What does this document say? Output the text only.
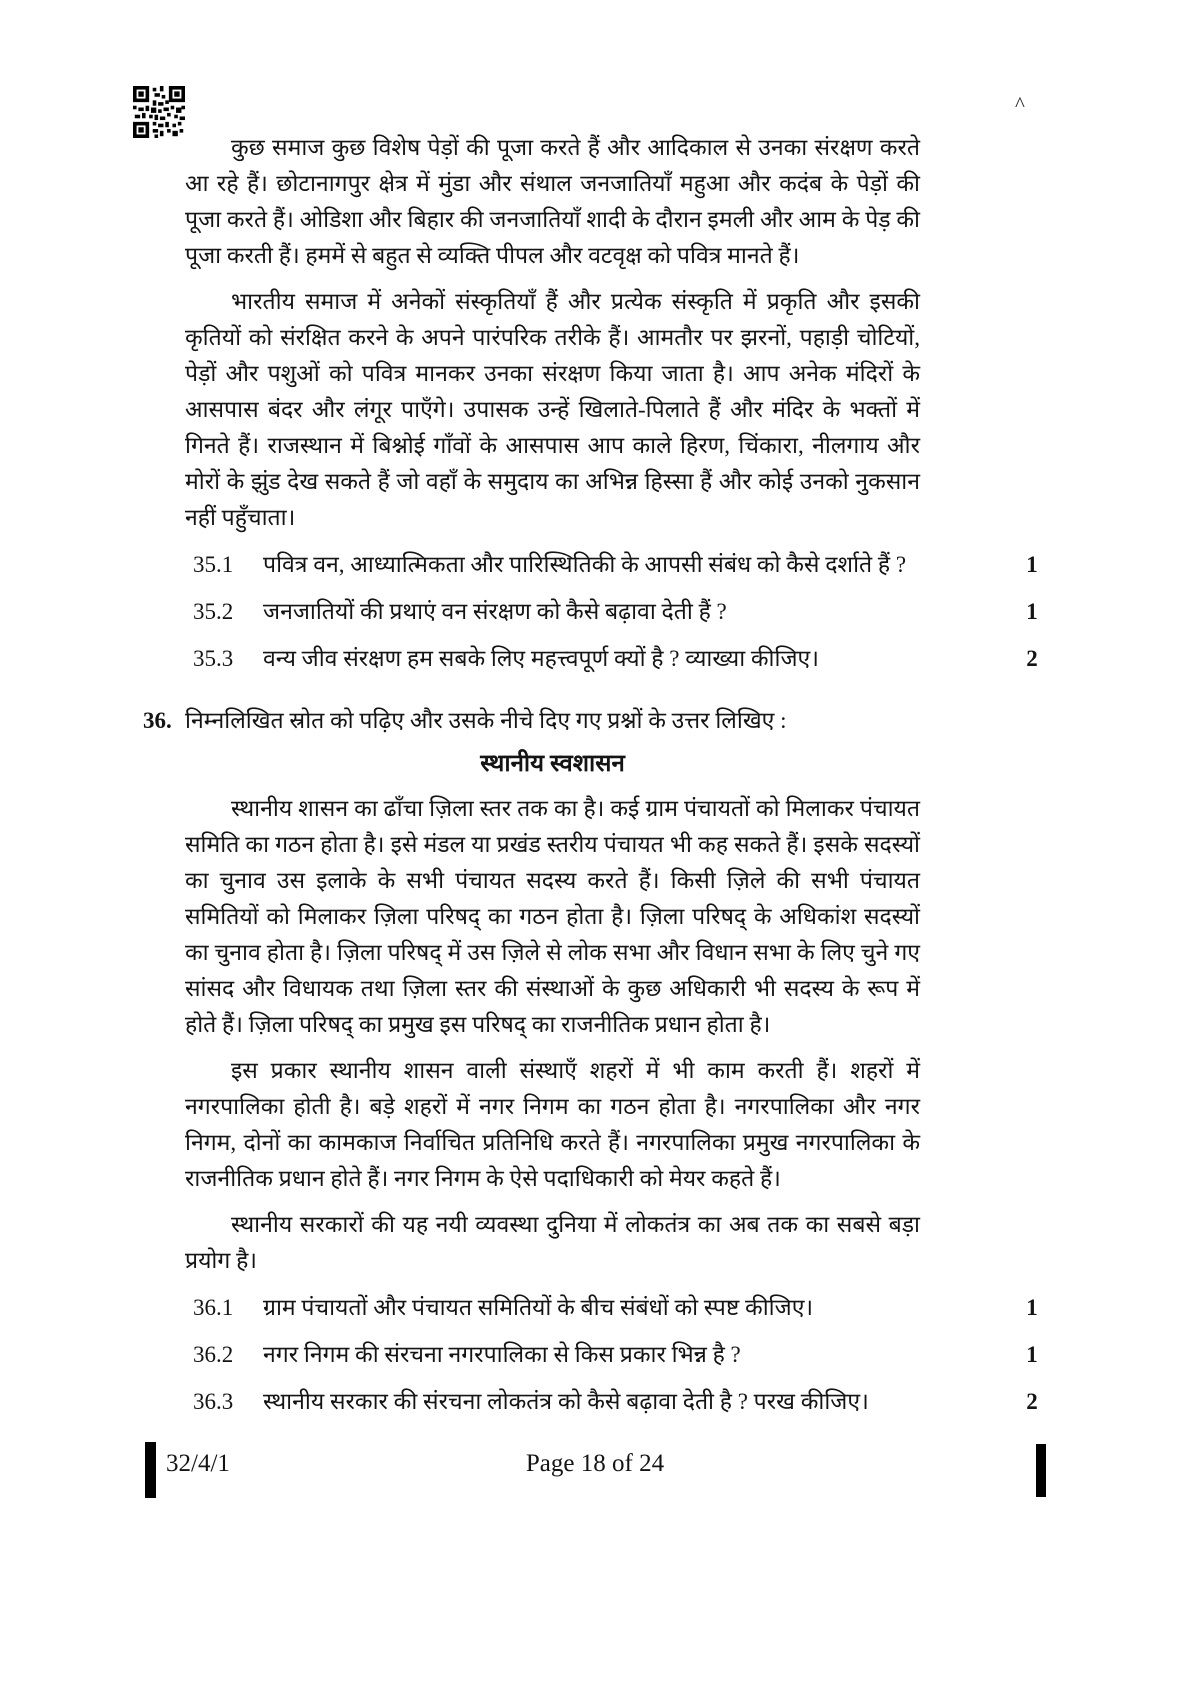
^

कुछ समाज कुछ विशेष पेड़ों की पूजा करते हैं और आदिकाल से उनका संरक्षण करते आ रहे हैं। छोटानागपुर क्षेत्र में मुंडा और संथाल जनजातियाँ महुआ और कदंब के पेड़ों की पूजा करते हैं। ओडिशा और बिहार की जनजातियाँ शादी के दौरान इमली और आम के पेड़ की पूजा करती हैं। हममें से बहुत से व्यक्ति पीपल और वटवृक्ष को पवित्र मानते हैं।

भारतीय समाज में अनेकों संस्कृतियाँ हैं और प्रत्येक संस्कृति में प्रकृति और इसकी कृतियों को संरक्षित करने के अपने पारंपरिक तरीके हैं। आमतौर पर झरनों, पहाड़ी चोटियों, पेड़ों और पशुओं को पवित्र मानकर उनका संरक्षण किया जाता है। आप अनेक मंदिरों के आसपास बंदर और लंगूर पाएँगे। उपासक उन्हें खिलाते-पिलाते हैं और मंदिर के भक्तों में गिनते हैं। राजस्थान में बिश्नोई गाँवों के आसपास आप काले हिरण, चिंकारा, नीलगाय और मोरों के झुंड देख सकते हैं जो वहाँ के समुदाय का अभिन्न हिस्सा हैं और कोई उनको नुकसान नहीं पहुँचाता।

35.1	पवित्र वन, आध्यात्मिकता और पारिस्थितिकी के आपसी संबंध को कैसे दर्शाते हैं ?	1
35.2	जनजातियों की प्रथाएं वन संरक्षण को कैसे बढ़ावा देती हैं ?	1
35.3	वन्य जीव संरक्षण हम सबके लिए महत्त्वपूर्ण क्यों है ? व्याख्या कीजिए।	2
36. निम्नलिखित स्रोत को पढ़िए और उसके नीचे दिए गए प्रश्नों के उत्तर लिखिए :
स्थानीय स्वशासन

स्थानीय शासन का ढाँचा ज़िला स्तर तक का है। कई ग्राम पंचायतों को मिलाकर पंचायत समिति का गठन होता है। इसे मंडल या प्रखंड स्तरीय पंचायत भी कह सकते हैं। इसके सदस्यों का चुनाव उस इलाके के सभी पंचायत सदस्य करते हैं। किसी ज़िले की सभी पंचायत समितियों को मिलाकर ज़िला परिषद् का गठन होता है। ज़िला परिषद् के अधिकांश सदस्यों का चुनाव होता है। ज़िला परिषद् में उस ज़िले से लोक सभा और विधान सभा के लिए चुने गए सांसद और विधायक तथा ज़िला स्तर की संस्थाओं के कुछ अधिकारी भी सदस्य के रूप में होते हैं। ज़िला परिषद् का प्रमुख इस परिषद् का राजनीतिक प्रधान होता है।

इस प्रकार स्थानीय शासन वाली संस्थाएँ शहरों में भी काम करती हैं। शहरों में नगरपालिका होती है। बड़े शहरों में नगर निगम का गठन होता है। नगरपालिका और नगर निगम, दोनों का कामकाज निर्वाचित प्रतिनिधि करते हैं। नगरपालिका प्रमुख नगरपालिका के राजनीतिक प्रधान होते हैं। नगर निगम के ऐसे पदाधिकारी को मेयर कहते हैं।

स्थानीय सरकारों की यह नयी व्यवस्था दुनिया में लोकतंत्र का अब तक का सबसे बड़ा प्रयोग है।

36.1	ग्राम पंचायतों और पंचायत समितियों के बीच संबंधों को स्पष्ट कीजिए।	1
36.2	नगर निगम की संरचना नगरपालिका से किस प्रकार भिन्न है ?	1
36.3	स्थानीय सरकार की संरचना लोकतंत्र को कैसे बढ़ावा देती है ? परख कीजिए।	2
32/4/1	Page 18 of 24
